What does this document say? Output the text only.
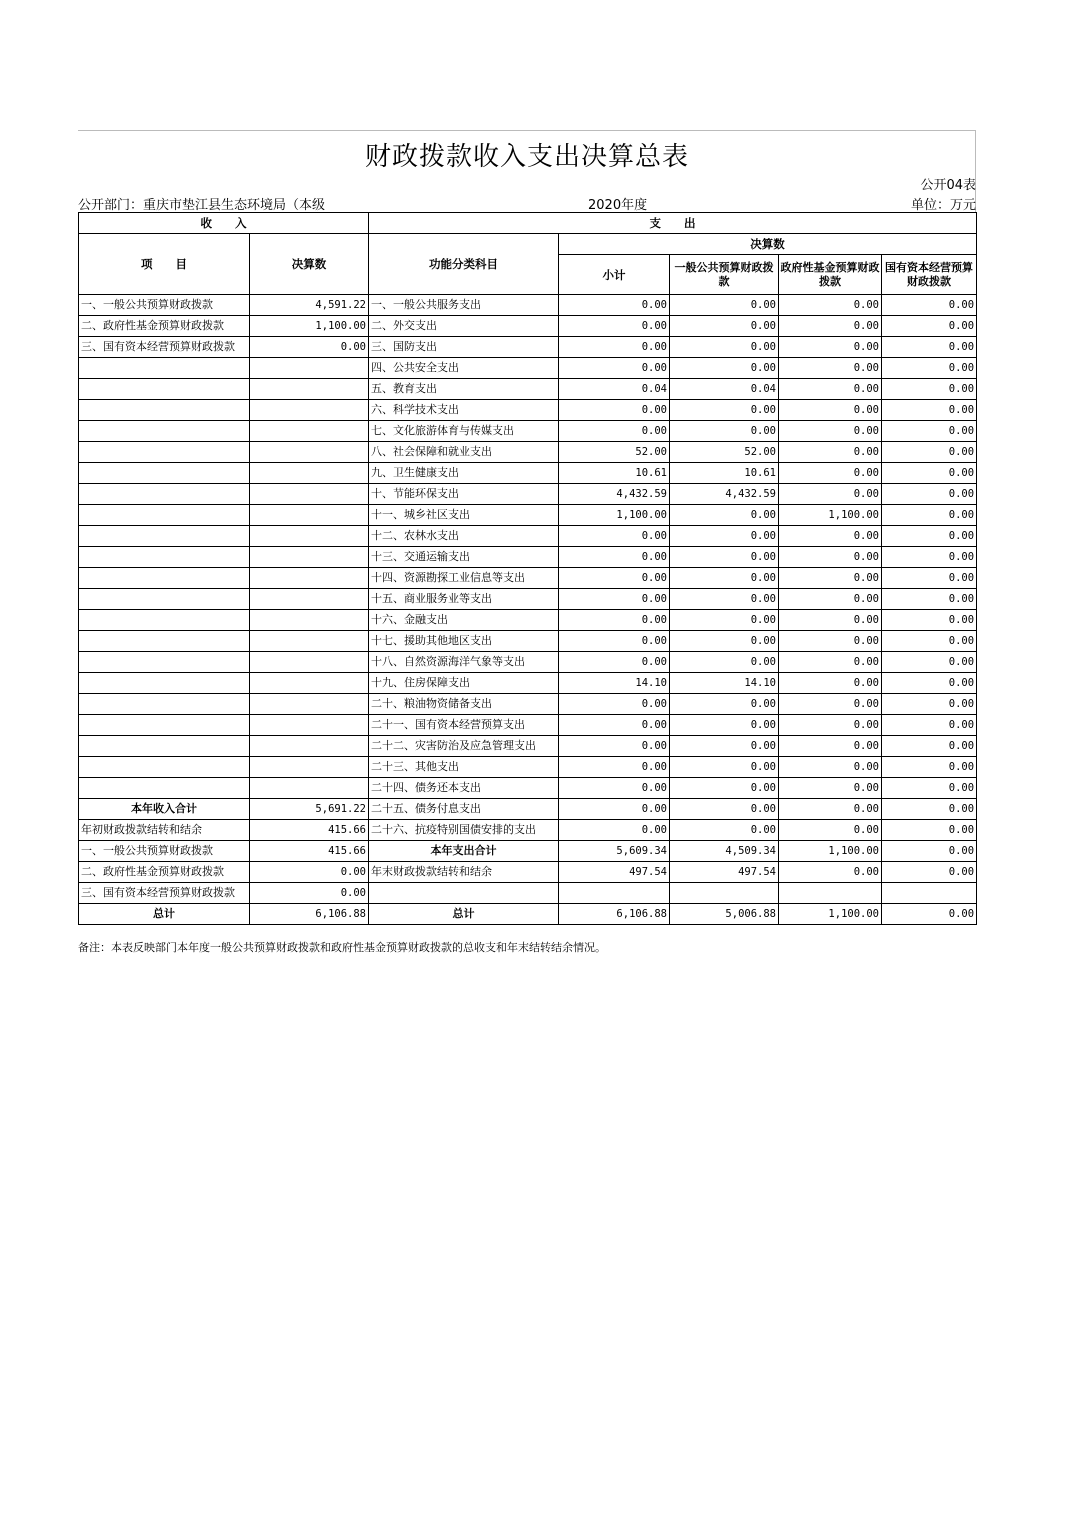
财政拨款收入支出决算总表
公开04表
公开部门：重庆市垫江县生态环境局（本级	2020年度	单位：万元
收　　入		支　　出				
项　　目	决算数	功能分类科目	决算数			
			小计	一般公共预算财政拨款	政府性基金预算财政拨款	国有资本经营预算财政拨款
一、一般公共预算财政拨款	4,591.22	一、一般公共服务支出	0.00	0.00	0.00	0.00
二、政府性基金预算财政拨款	1,100.00	二、外交支出	0.00	0.00	0.00	0.00
三、国有资本经营预算财政拨款	0.00	三、国防支出	0.00	0.00	0.00	0.00
		四、公共安全支出	0.00	0.00	0.00	0.00
		五、教育支出	0.04	0.04	0.00	0.00
		六、科学技术支出	0.00	0.00	0.00	0.00
		七、文化旅游体育与传媒支出	0.00	0.00	0.00	0.00
		八、社会保障和就业支出	52.00	52.00	0.00	0.00
		九、卫生健康支出	10.61	10.61	0.00	0.00
		十、节能环保支出	4,432.59	4,432.59	0.00	0.00
		十一、城乡社区支出	1,100.00	0.00	1,100.00	0.00
		十二、农林水支出	0.00	0.00	0.00	0.00
		十三、交通运输支出	0.00	0.00	0.00	0.00
		十四、资源勘探工业信息等支出	0.00	0.00	0.00	0.00
		十五、商业服务业等支出	0.00	0.00	0.00	0.00
		十六、金融支出	0.00	0.00	0.00	0.00
		十七、援助其他地区支出	0.00	0.00	0.00	0.00
		十八、自然资源海洋气象等支出	0.00	0.00	0.00	0.00
		十九、住房保障支出	14.10	14.10	0.00	0.00
		二十、粮油物资储备支出	0.00	0.00	0.00	0.00
		二十一、国有资本经营预算支出	0.00	0.00	0.00	0.00
		二十二、灾害防治及应急管理支出	0.00	0.00	0.00	0.00
		二十三、其他支出	0.00	0.00	0.00	0.00
		二十四、债务还本支出	0.00	0.00	0.00	0.00
本年收入合计	5,691.22	二十五、债务付息支出	0.00	0.00	0.00	0.00
年初财政拨款结转和结余	415.66	二十六、抗疫特别国债安排的支出	0.00	0.00	0.00	0.00
一、一般公共预算财政拨款	415.66	本年支出合计	5,609.34	4,509.34	1,100.00	0.00
二、政府性基金预算财政拨款	0.00	年末财政拨款结转和结余	497.54	497.54	0.00	0.00
三、国有资本经营预算财政拨款	0.00					
总计	6,106.88	总计	6,106.88	5,006.88	1,100.00	0.00
备注：本表反映部门本年度一般公共预算财政拨款和政府性基金预算财政拨款的总收支和年末结转结余情况。
